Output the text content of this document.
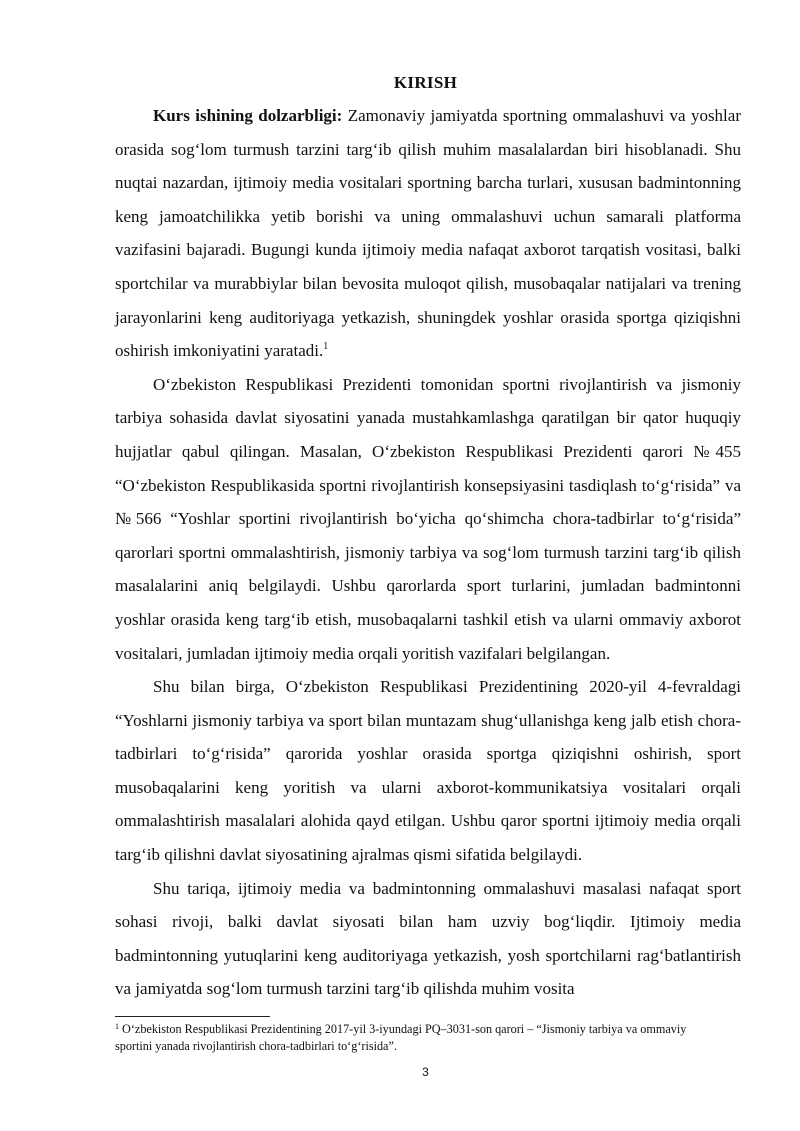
KIRISH

Kurs ishining dolzarbligi: Zamonaviy jamiyatda sportning ommalashuvi va yoshlar orasida sog‘lom turmush tarzini targ‘ib qilish muhim masalalardan biri hisoblanadi. Shu nuqtai nazardan, ijtimoiy media vositalari sportning barcha turlari, xususan badmintonning keng jamoatchilikka yetib borishi va uning ommalashuvi uchun samarali platforma vazifasini bajaradi. Bugungi kunda ijtimoiy media nafaqat axborot tarqatish vositasi, balki sportchilar va murabbiylar bilan bevosita muloqot qilish, musobaqalar natijalari va trening jarayonlarini keng auditoriyaga yetkazish, shuningdek yoshlar orasida sportga qiziqishni oshirish imkoniyatini yaratadi.$^1$

O‘zbekiston Respublikasi Prezidenti tomonidan sportni rivojlantirish va jismoniy tarbiya sohasida davlat siyosatini yanada mustahkamlashga qaratilgan bir qator huquqiy hujjatlar qabul qilingan. Masalan, O‘zbekiston Respublikasi Prezidenti qarori №455 “O‘zbekiston Respublikasida sportni rivojlantirish konsepsiyasini tasdiqlash to‘g‘risida” va №566 “Yoshlar sportini rivojlantirish bo‘yicha qo‘shimcha chora-tadbirlar to‘g‘risida” qarorlari sportni ommalashtirish, jismoniy tarbiya va sog‘lom turmush tarzini targ‘ib qilish masalalarini aniq belgilaydi. Ushbu qarorlarda sport turlarini, jumladan badmintonni yoshlar orasida keng targ‘ib etish, musobaqalarni tashkil etish va ularni ommaviy axborot vositalari, jumladan ijtimoiy media orqali yoritish vazifalari belgilangan.

Shu bilan birga, O‘zbekiston Respublikasi Prezidentining 2020-yil 4-fevraldagi “Yoshlarni jismoniy tarbiya va sport bilan muntazam shug‘ullanishga keng jalb etish chora-tadbirlari to‘g‘risida” qarorida yoshlar orasida sportga qiziqishni oshirish, sport musobaqalarini keng yoritish va ularni axborot-kommunikatsiya vositalari orqali ommalashtirish masalalari alohida qayd etilgan. Ushbu qaror sportni ijtimoiy media orqali targ‘ib qilishni davlat siyosatining ajralmas qismi sifatida belgilaydi.

Shu tariqa, ijtimoiy media va badmintonning ommalashuvi masalasi nafaqat sport sohasi rivoji, balki davlat siyosati bilan ham uzviy bog‘liqdir. Ijtimoiy media badmintonning yutuqlarini keng auditoriyaga yetkazish, yosh sportchilarni rag‘batlantirish va jamiyatda sog‘lom turmush tarzini targ‘ib qilishda muhim vosita

$^1$ O‘zbekiston Respublikasi Prezidentining 2017-yil 3-iyundagi PQ–3031-son qarori – “Jismoniy tarbiya va ommaviy sportini yanada rivojlantirish chora-tadbirlari to‘g‘risida”.
3
